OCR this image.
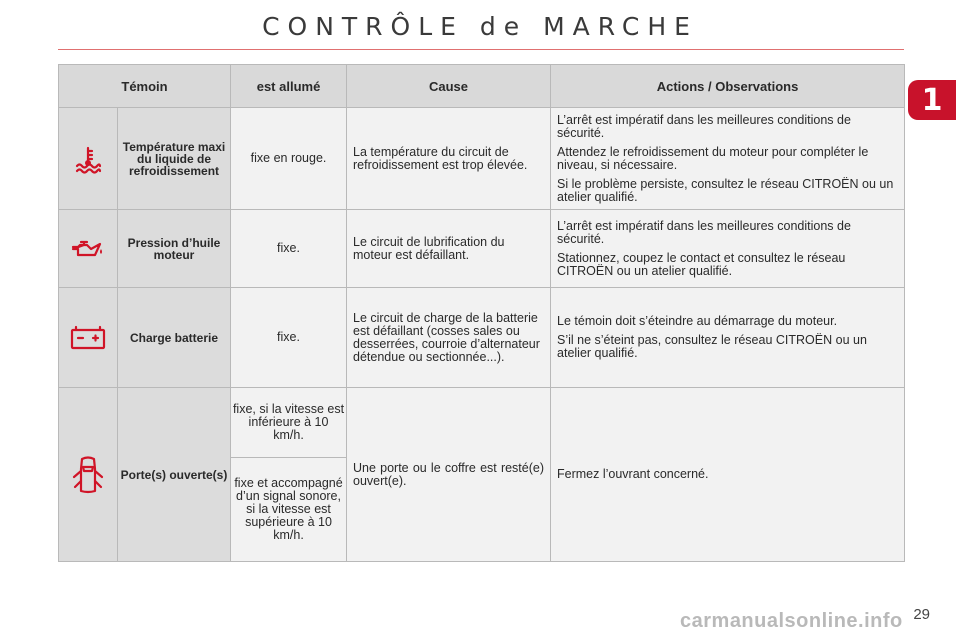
CONTRÔLE de MARCHE
1
Témoin		est allumé	Cause	Actions / Observations

	Température maxi du liquide de refroidissement	fixe en rouge.	La température du circuit de refroidissement est trop élevée.	L’arrêt est impératif dans les meilleures conditions de sécurité.

Attendez le refroidissement du moteur pour compléter le niveau, si nécessaire.

Si le problème persiste, consultez le réseau CITROËN ou un atelier qualifié.

	Pression d’huile moteur	fixe.	Le circuit de lubrification du moteur est défaillant.	L’arrêt est impératif dans les meilleures conditions de sécurité.

Stationnez, coupez le contact et consultez le réseau CITROËN ou un atelier qualifié.

	Charge batterie	fixe.	Le circuit de charge de la batterie est défaillant (cosses sales ou desserrées, courroie d’alternateur détendue ou sectionnée...).	Le témoin doit s’éteindre au démarrage du moteur.

S’il ne s’éteint pas, consultez le réseau CITROËN ou un atelier qualifié.

	Porte(s) ouverte(s)	fixe, si la vitesse est inférieure à 10 km/h.	Une porte ou le coffre est resté(e) ouvert(e).	Fermez l’ouvrant concerné.

		fixe et accompagné d’un signal sonore, si la vitesse est supérieure à 10 km/h.		
carmanualsonline.info 29
